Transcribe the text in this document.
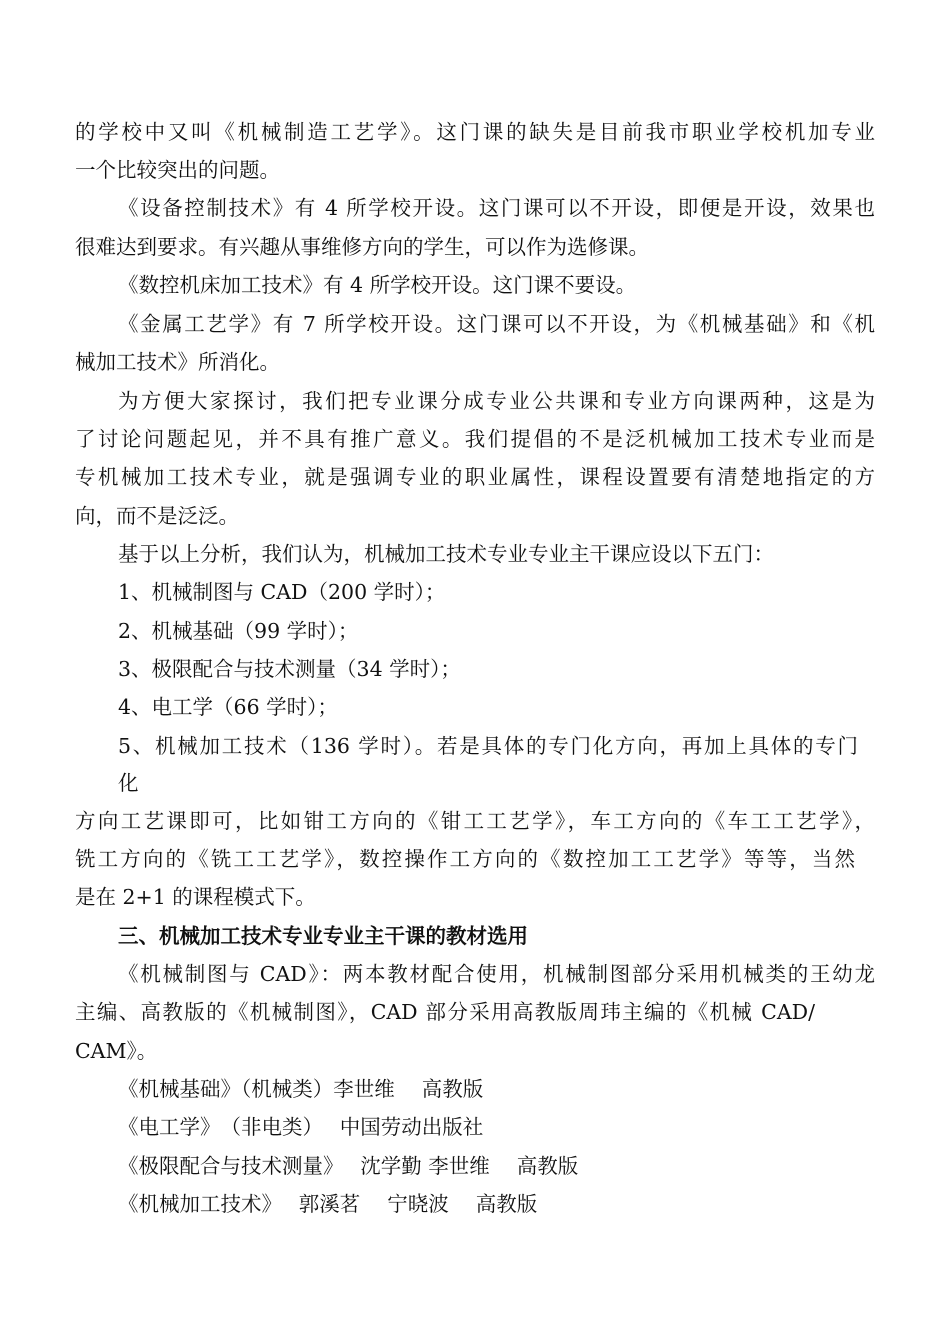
的学校中又叫《机械制造工艺学》。这门课的缺失是目前我市职业学校机加专业
一个比较突出的问题。
《设备控制技术》有 4 所学校开设。这门课可以不开设，即便是开设，效果也
很难达到要求。有兴趣从事维修方向的学生，可以作为选修课。
《数控机床加工技术》有 4 所学校开设。这门课不要设。
《金属工艺学》有 7 所学校开设。这门课可以不开设，为《机械基础》和《机
械加工技术》所消化。
为方便大家探讨，我们把专业课分成专业公共课和专业方向课两种，这是为
了讨论问题起见，并不具有推广意义。我们提倡的不是泛机械加工技术专业而是
专机械加工技术专业，就是强调专业的职业属性，课程设置要有清楚地指定的方
向，而不是泛泛。
基于以上分析，我们认为，机械加工技术专业专业主干课应设以下五门：
1、机械制图与 CAD（200 学时）；
2、机械基础（99 学时）；
3、极限配合与技术测量（34 学时）；
4、电工学（66 学时）；
5、机械加工技术（136 学时）。若是具体的专门化方向，再加上具体的专门
化
方向工艺课即可，比如钳工方向的《钳工工艺学》，车工方向的《车工工艺学》，
铣工方向的《铣工工艺学》，数控操作工方向的《数控加工工艺学》等等，当然
是在 2+1 的课程模式下。
三、机械加工技术专业专业主干课的教材选用
《机械制图与 CAD》：两本教材配合使用，机械制图部分采用机械类的王幼龙
主编、高教版的《机械制图》，CAD 部分采用高教版周玮主编的《机械 CAD/
CAM》。
《机械基础》（机械类）李世维　 高教版
《电工学》　（非电类）　 中国劳动出版社
《极限配合与技术测量》　 沈学勤 李世维　 高教版
《机械加工技术》　 郭溪茗　 宁晓波　 高教版
